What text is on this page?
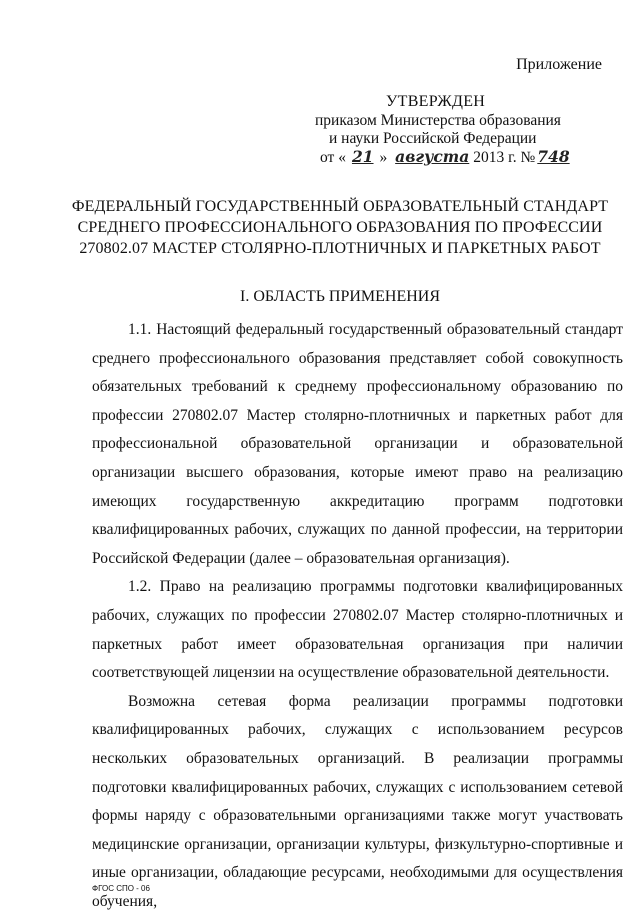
Приложение
УТВЕРЖДЕН
приказом Министерства образования
и науки Российской Федерации
от « 21 » августа 2013 г. № 748
ФЕДЕРАЛЬНЫЙ ГОСУДАРСТВЕННЫЙ ОБРАЗОВАТЕЛЬНЫЙ СТАНДАРТ
СРЕДНЕГО ПРОФЕССИОНАЛЬНОГО ОБРАЗОВАНИЯ ПО ПРОФЕССИИ
270802.07 МАСТЕР СТОЛЯРНО-ПЛОТНИЧНЫХ И ПАРКЕТНЫХ РАБОТ
I. ОБЛАСТЬ ПРИМЕНЕНИЯ

1.1. Настоящий федеральный государственный образовательный стандарт среднего профессионального образования представляет собой совокупность обязательных требований к среднему профессиональному образованию по профессии 270802.07 Мастер столярно-плотничных и паркетных работ для профессиональной образовательной организации и образовательной организации высшего образования, которые имеют право на реализацию имеющих государственную аккредитацию программ подготовки квалифицированных рабочих, служащих по данной профессии, на территории Российской Федерации (далее – образовательная организация).

1.2. Право на реализацию программы подготовки квалифицированных рабочих, служащих по профессии 270802.07 Мастер столярно-плотничных и паркетных работ имеет образовательная организация при наличии соответствующей лицензии на осуществление образовательной деятельности.

Возможна сетевая форма реализации программы подготовки квалифицированных рабочих, служащих с использованием ресурсов нескольких образовательных организаций. В реализации программы подготовки квалифицированных рабочих, служащих с использованием сетевой формы наряду с образовательными организациями также могут участвовать медицинские организации, организации культуры, физкультурно-спортивные и иные организации, обладающие ресурсами, необходимыми для осуществления обучения,

ФГОС СПО - 06
